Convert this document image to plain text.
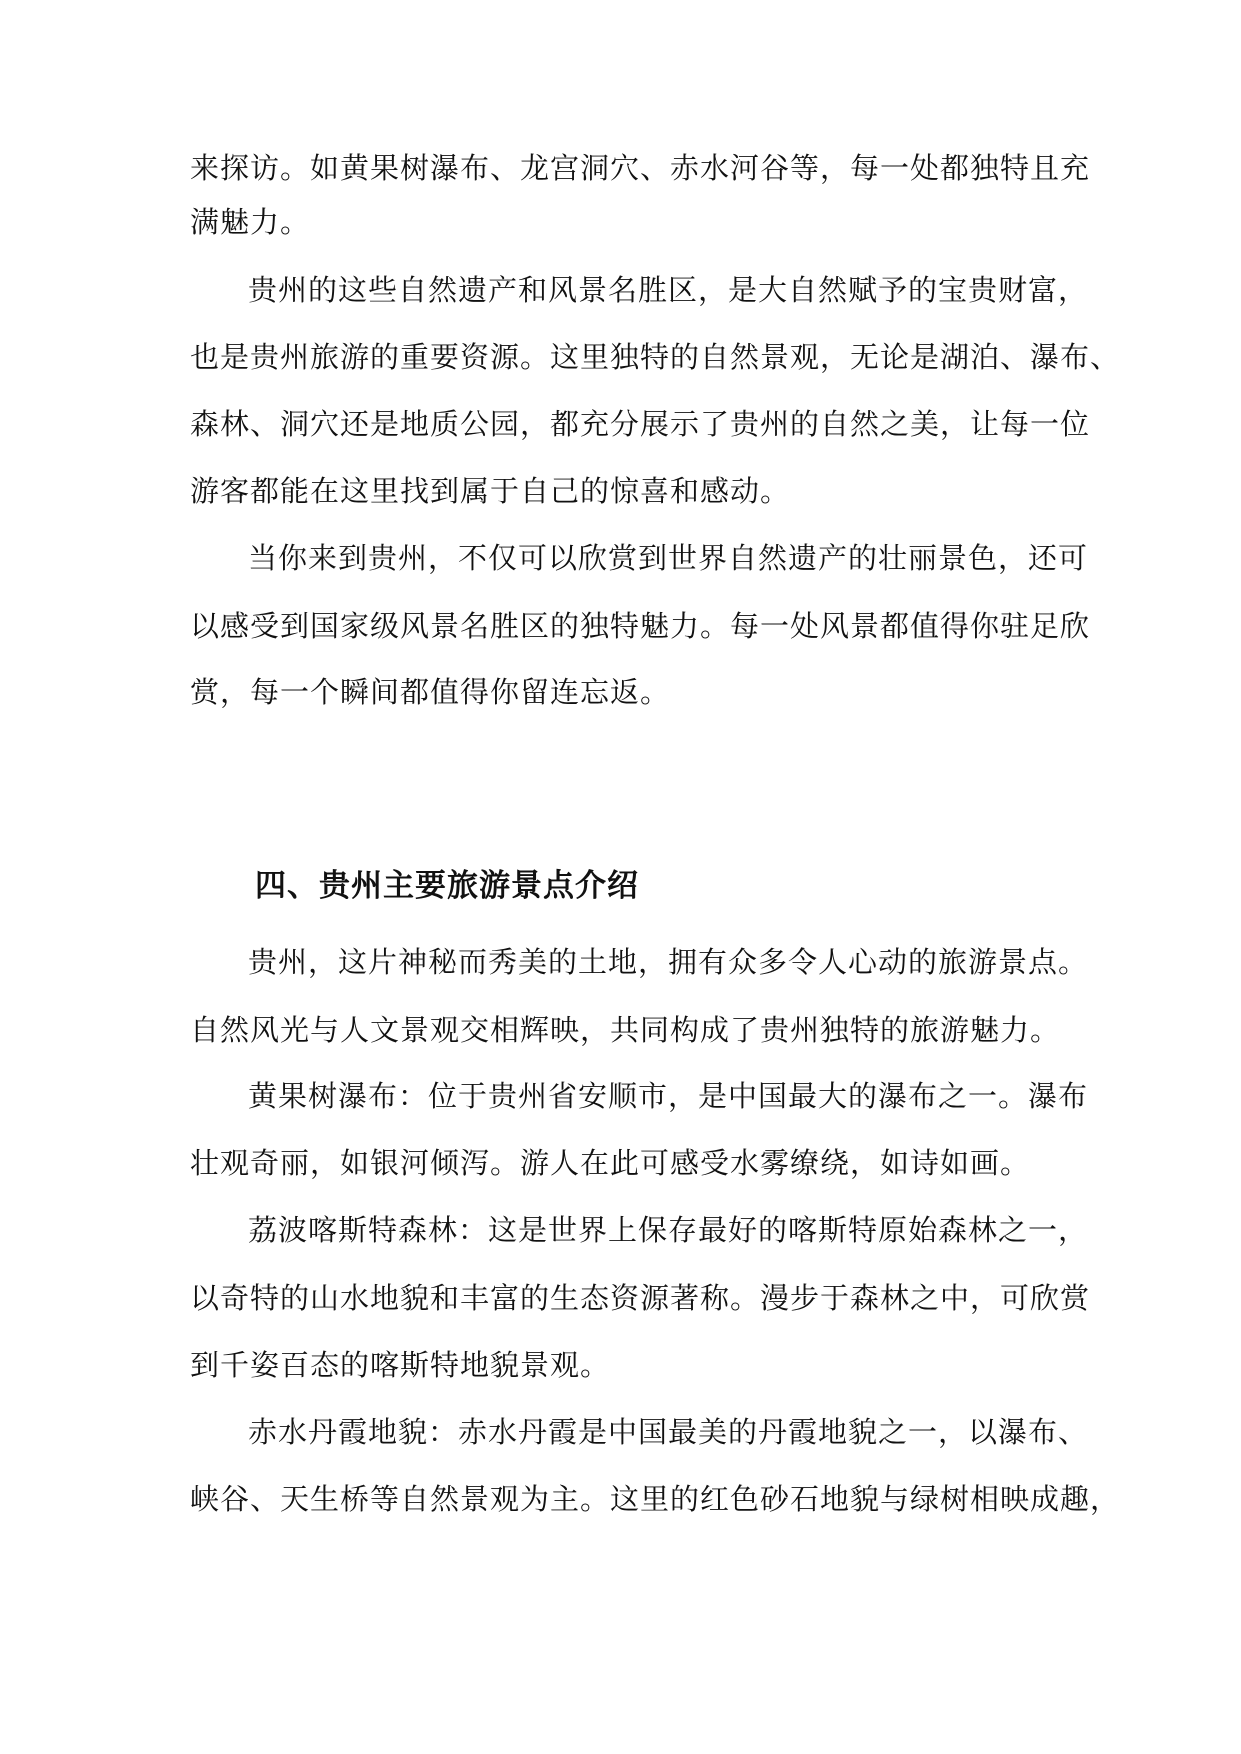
来探访。如黄果树瀑布、龙宫洞穴、赤水河谷等，每一处都独特且充
满魅力。
贵州的这些自然遗产和风景名胜区，是大自然赋予的宝贵财富，
也是贵州旅游的重要资源。这里独特的自然景观，无论是湖泊、瀑布、
森林、洞穴还是地质公园，都充分展示了贵州的自然之美，让每一位
游客都能在这里找到属于自己的惊喜和感动。
当你来到贵州，不仅可以欣赏到世界自然遗产的壮丽景色，还可
以感受到国家级风景名胜区的独特魅力。每一处风景都值得你驻足欣
赏，每一个瞬间都值得你留连忘返。
四、贵州主要旅游景点介绍
贵州，这片神秘而秀美的土地，拥有众多令人心动的旅游景点。
自然风光与人文景观交相辉映，共同构成了贵州独特的旅游魅力。
黄果树瀑布：位于贵州省安顺市，是中国最大的瀑布之一。瀑布
壮观奇丽，如银河倾泻。游人在此可感受水雾缭绕，如诗如画。
荔波喀斯特森林：这是世界上保存最好的喀斯特原始森林之一，
以奇特的山水地貌和丰富的生态资源著称。漫步于森林之中，可欣赏
到千姿百态的喀斯特地貌景观。
赤水丹霞地貌：赤水丹霞是中国最美的丹霞地貌之一，以瀑布、
峡谷、天生桥等自然景观为主。这里的红色砂石地貌与绿树相映成趣，
